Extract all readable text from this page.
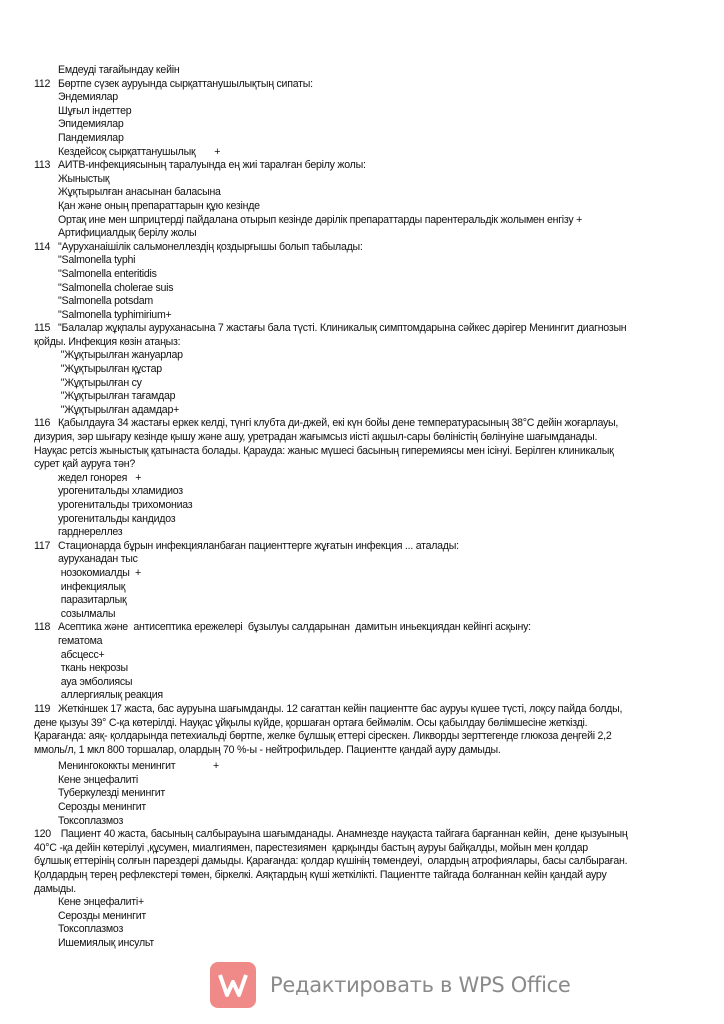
Емдеуді тағайындау кейін
112 Бөртпе сүзек ауруында сырқаттанушылықтың сипаты:
Эндемиялар
Шұғыл індеттер
Эпидемиялар
Пандемиялар
Кездейсоқ сырқаттанушылық       +
113 АИТВ-инфекциясының таралуында ең жиі таралған берілу жолы:
Жыныстық
Жұқтырылған анасынан баласына
Қан және оның препараттарын құю кезінде
Ортақ ине мен шприцтерді пайдалана отырып кезінде дәрілік препараттарды парентеральдік жолымен енгізу +
Артифициалдық берілу жолы
114 "Ауруханаішілік сальмонеллездің қоздырғышы болып табылады:
"Salmonella typhi
"Salmonella enteritidis
"Salmonella cholerae suis
"Salmonella potsdam
"Salmonella typhimirium+
115 "Балалар жұқпалы ауруханасына 7 жастағы бала түсті. Клиникалық симптомдарына сәйкес дәрігер Менингит диагнозын
қойды. Инфекция көзін атаңыз:
"Жұқтырылған жануарлар
"Жұқтырылған құстар
"Жұқтырылған су
"Жұқтырылған тағамдар
"Жұқтырылған адамдар+
116 Қабылдауға 34 жастағы еркек келді, түнгі клубта ди-джей, екі күн бойы дене температурасының 38°С дейін жоғарлауы,
дизурия, зәр шығару кезінде қышу және ашу, уретрадан жағымсыз иісті ақшыл-сары бөліністің бөлінуіне шағымданады.
Науқас ретсіз жыныстық қатынаста болады. Қарауда: жаныс мүшесі басының гиперемиясы мен ісінуі. Берілген клиникалық
сурет қай ауруға тән?
жедел гонорея   +
урогенитальды хламидиоз
урогенитальды трихомониаз
урогенитальды кандидоз
гарднереллез
117 Стационарда бұрын инфекцияланбаған пациенттерге жұғатын инфекция ... аталады:
ауруханадан тыс
нозокомиалды  +
инфекциялық
паразитарлық
созылмалы
118 Асептика және  антисептика ережелері  бұзылуы салдарынан  дамитын иньекциядан кейінгі асқыну:
гематома
абсцесс+
ткань некрозы
ауа эмболиясы
аллергиялық реакция
119 Жеткіншек 17 жаста, бас ауруына шағымданды. 12 сағаттан кейін пациентте бас ауруы күшее түсті, лоқсу пайда болды,
дене қызуы 39° С-қа көтерілді. Науқас ұйқылы күйде, қоршаған ортаға беймәлім. Осы қабылдау бөлімшесіне жеткізді.
Қарағанда: аяқ- қолдарында петехиальді бөртпе, желке бұлшық еттері сірескен. Ликворды зерттегенде глюкоза деңгейі 2,2
ммоль/л, 1 мкл 800 торшалар, олардың 70 %-ы - нейтрофильдер. Пациентте қандай ауру дамыды.
Менингококкты менингит              +
Кене энцефалиті
Туберкулезді менингит
Серозды менингит
Токсоплазмоз
120 Пациент 40 жаста, басының салбырауына шағымданады. Анамнезде науқаста тайгаға барғаннан кейін,  дене қызуының
40°С -қа дейін көтерілуі ,құсумен, миалгиямен, парестезиямен  қарқынды бастың ауруы байқалды, мойын мен қолдар
бұлшық еттерінің солғын парездері дамыды. Қарағанда: қолдар күшінің төмендеуі,  олардың атрофиялары, басы салбыраған.
Қолдардың терең рефлекстері төмен, біркелкі. Аяқтардың күші жеткілікті. Пациентте тайгада болғаннан кейін қандай ауру
дамыды.
Кене энцефалиті+
Серозды менингит
Токсоплазмоз
Ишемиялық инсульт
Редактировать в WPS Office
